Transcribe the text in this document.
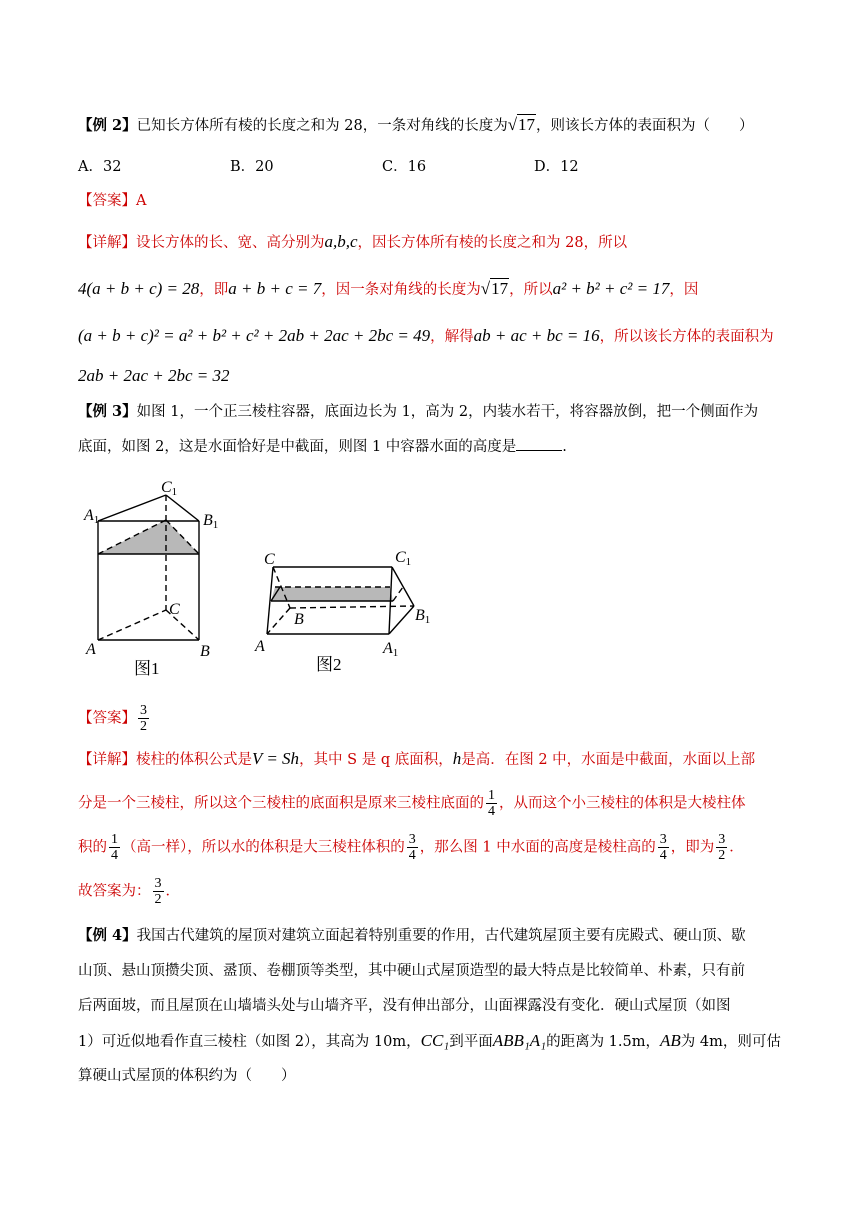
【例 2】已知长方体所有棱的长度之和为 28，一条对角线的长度为√17，则该长方体的表面积为（　　）
A．32	B．20	C．16	D．12
【答案】A
【详解】设长方体的长、宽、高分别为a,b,c，因长方体所有棱的长度之和为 28，所以
4(a + b + c) = 28，即a + b + c = 7，因一条对角线的长度为√17，所以a² + b² + c² = 17，因
(a + b + c)² = a² + b² + c² + 2ab + 2ac + 2bc = 49，解得ab + ac + bc = 16，所以该长方体的表面积为
2ab + 2ac + 2bc = 32
【例 3】如图 1，一个正三棱柱容器，底面边长为 1，高为 2，内装水若干，将容器放倒，把一个侧面作为
底面，如图 2，这是水面恰好是中截面，则图 1 中容器水面的高度是	.
C1
A1	B1
C
A	B
图1
C	C1
B	B1
A	A1
图2
【答案】 $\frac{3}{2}$
【详解】棱柱的体积公式是V = Sh，其中 S 是 q 底面积，h是高．在图 2 中，水面是中截面，水面以上部
分是一个三棱柱，所以这个三棱柱的底面积是原来三棱柱底面的 $\frac{1}{4}$ ，从而这个小三棱柱的体积是大棱柱体
积的 $\frac{1}{4}$ （高一样），所以水的体积是大三棱柱体积的 $\frac{3}{4}$ ，那么图 1 中水面的高度是棱柱高的 $\frac{3}{4}$ ，即为 $\frac{3}{2}$ ．
故答案为： $\frac{3}{2}$ ．
【例 4】我国古代建筑的屋顶对建筑立面起着特别重要的作用，古代建筑屋顶主要有庑殿式、硬山顶、歇
山顶、悬山顶攒尖顶、盝顶、卷棚顶等类型，其中硬山式屋顶造型的最大特点是比较简单、朴素，只有前
后两面坡，而且屋顶在山墙墙头处与山墙齐平，没有伸出部分，山面裸露没有变化．硬山式屋顶（如图
1）可近似地看作直三棱柱（如图 2），其高为 10m，CC₁到平面ABB₁A₁的距离为 1.5m，AB为 4m，则可估
算硬山式屋顶的体积约为（　　）
